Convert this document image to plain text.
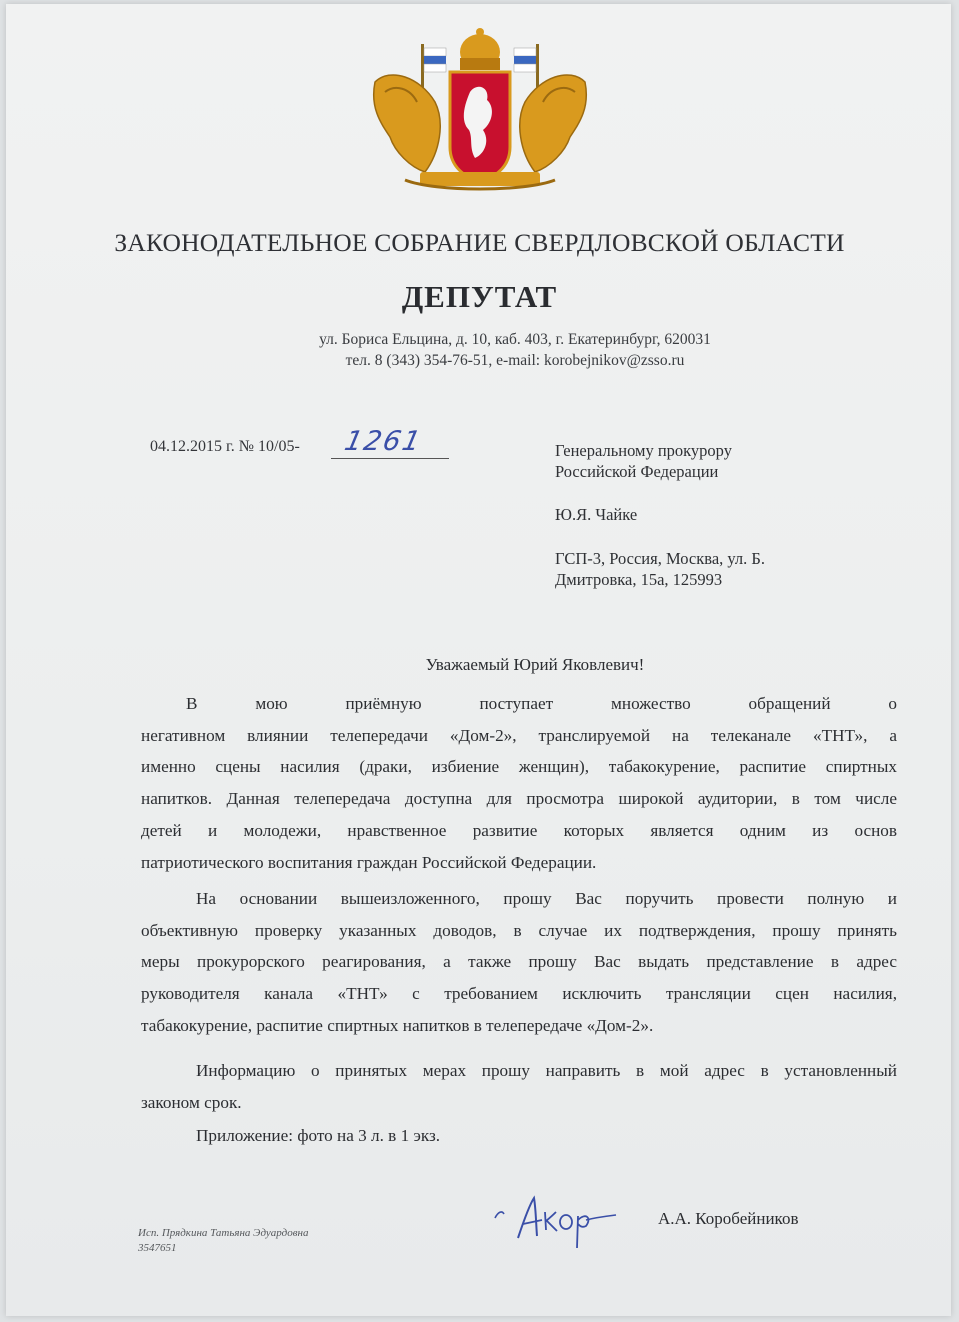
ЗАКОНОДАТЕЛЬНОЕ СОБРАНИЕ СВЕРДЛОВСКОЙ ОБЛАСТИ
ДЕПУТАТ
ул. Бориса Ельцина, д. 10, каб. 403, г. Екатеринбург, 620031
тел. 8 (343) 354-76-51, e-mail: korobejnikov@zsso.ru
04.12.2015 г. № 10/05- 1261	Генеральному прокурору
Российской Федерации
Ю.Я. Чайке
ГСП-3, Россия, Москва, ул. Б.
Дмитровка, 15а, 125993
Уважаемый Юрий Яковлевич!
В мою приёмную поступает множество обращений о
негативном влиянии телепередачи «Дом-2», транслируемой на телеканале «ТНТ», а
именно сцены насилия (драки, избиение женщин), табакокурение, распитие спиртных
напитков. Данная телепередача доступна для просмотра широкой аудитории, в том числе
детей и молодежи, нравственное развитие которых является одним из основ
патриотического воспитания граждан Российской Федерации.
На основании вышеизложенного, прошу Вас поручить провести полную и
объективную проверку указанных доводов, в случае их подтверждения, прошу принять
меры прокурорского реагирования, а также прошу Вас выдать представление в адрес
руководителя канала «ТНТ» с требованием исключить трансляции сцен насилия,
табакокурение, распитие спиртных напитков в телепередаче «Дом-2».
Информацию о принятых мерах прошу направить в мой адрес в установленный
законом срок.
Приложение: фото на 3 л. в 1 экз.
А.А. Коробейников
Исп. Прядкина Татьяна Эдуардовна
3547651
